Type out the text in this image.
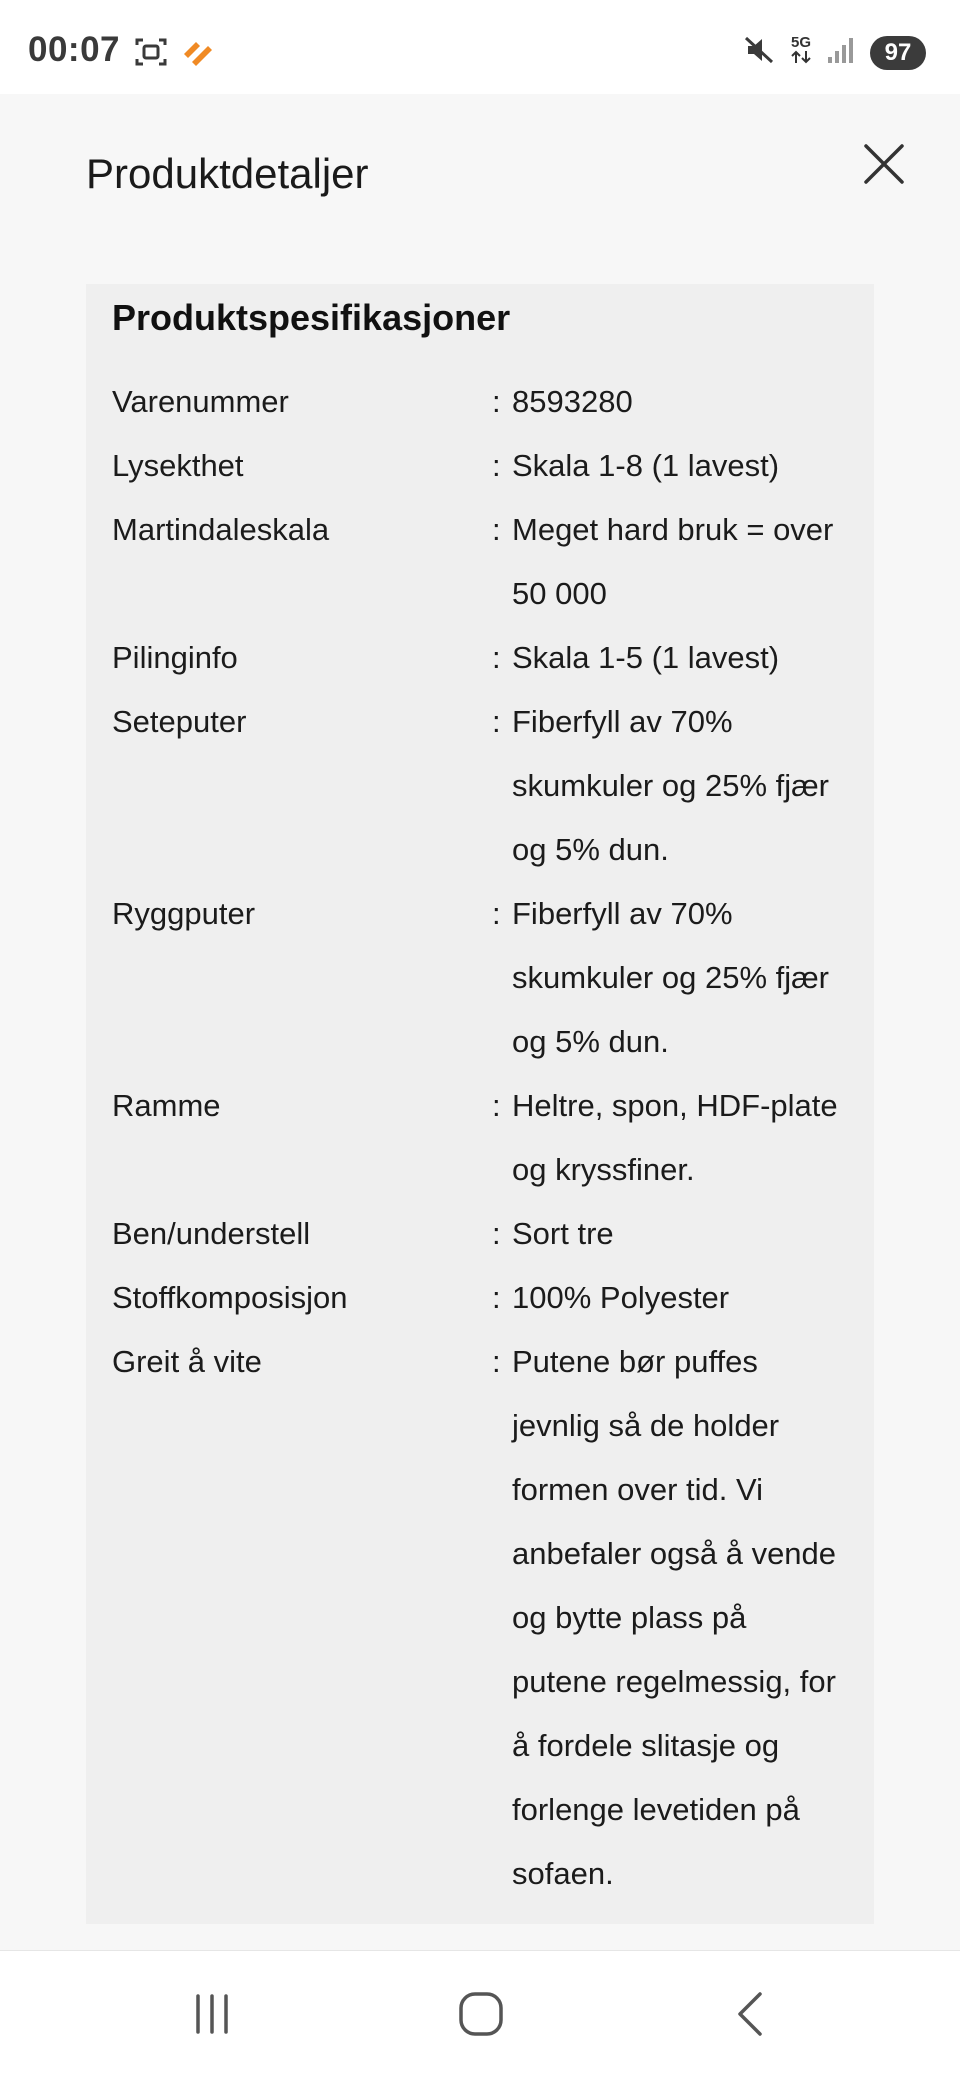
00:07	5G	97
Produktdetaljer
Produktspesifikasjoner
Varenummer	: 8593280
Lysekthet	: Skala 1-8 (1 lavest)
Martindaleskala	: Meget hard bruk = over 50 000
Pilinginfo	: Skala 1-5 (1 lavest)
Seteputer	: Fiberfyll av 70% skumkuler og 25% fjær og 5% dun.
Ryggputer	: Fiberfyll av 70% skumkuler og 25% fjær og 5% dun.
Ramme	: Heltre, spon, HDF-plate og kryssfiner.
Ben/understell	: Sort tre
Stoffkomposisjon	: 100% Polyester
Greit å vite	: Putene bør puffes jevnlig så de holder formen over tid. Vi anbefaler også å vende og bytte plass på putene regelmessig, for å fordele slitasje og forlenge levetiden på sofaen.
